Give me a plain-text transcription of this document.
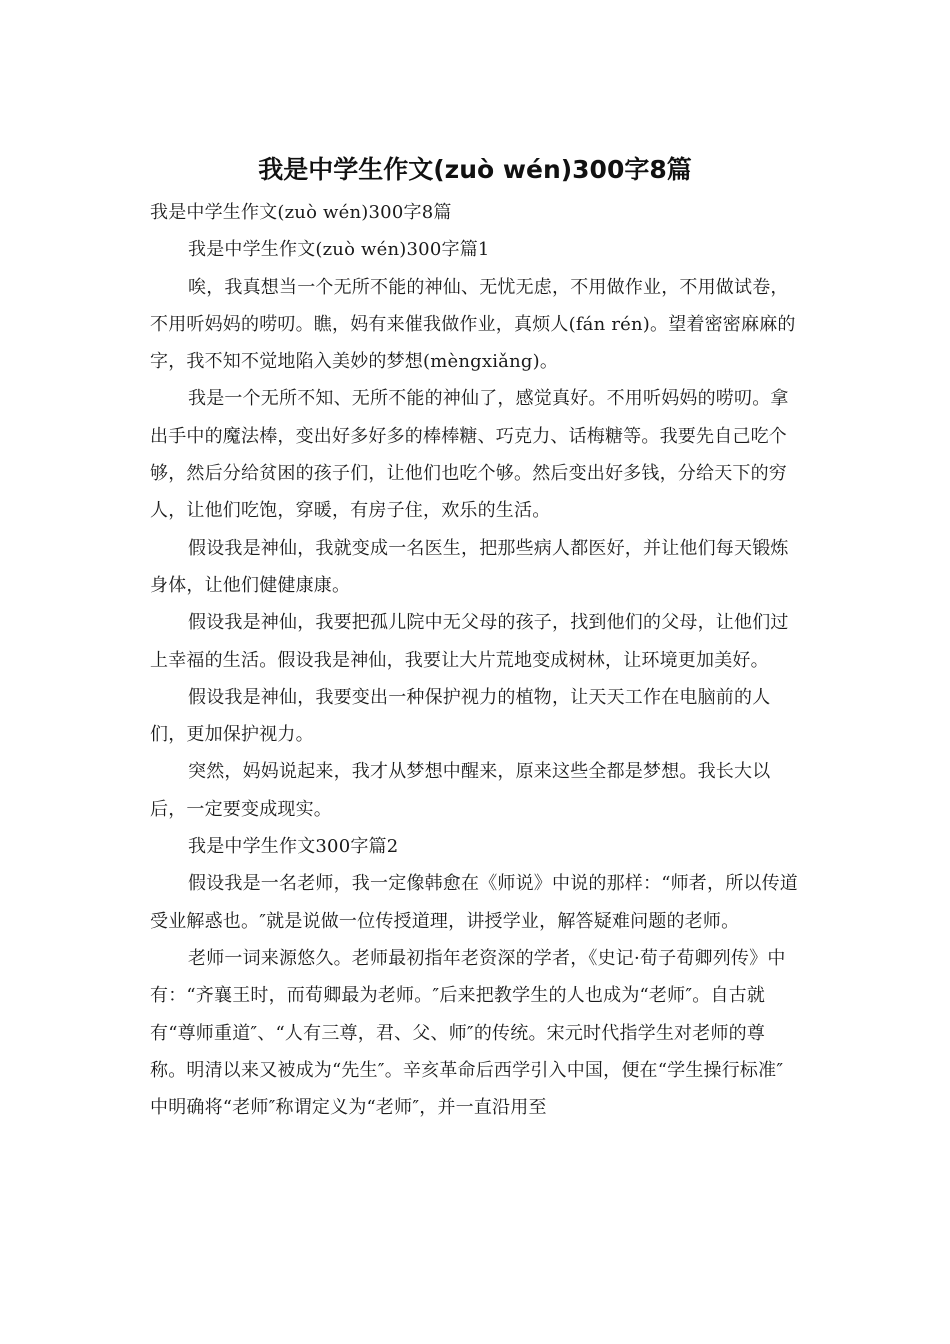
我是中学生作文(zuò wén)300字8篇

我是中学生作文(zuò wén)300字8篇

我是中学生作文(zuò wén)300字篇1

唉，我真想当一个无所不能的神仙、无忧无虑，不用做作业，不用做试卷，不用听妈妈的唠叨。瞧，妈有来催我做作业，真烦人(fán rén)。望着密密麻麻的字，我不知不觉地陷入美妙的梦想(mèngxiǎng)。

我是一个无所不知、无所不能的神仙了，感觉真好。不用听妈妈的唠叨。拿出手中的魔法棒，变出好多好多的棒棒糖、巧克力、话梅糖等。我要先自己吃个够，然后分给贫困的孩子们，让他们也吃个够。然后变出好多钱，分给天下的穷人，让他们吃饱，穿暖，有房子住，欢乐的生活。

假设我是神仙，我就变成一名医生，把那些病人都医好，并让他们每天锻炼身体，让他们健健康康。

假设我是神仙，我要把孤儿院中无父母的孩子，找到他们的父母，让他们过上幸福的生活。假设我是神仙，我要让大片荒地变成树林，让环境更加美好。

假设我是神仙，我要变出一种保护视力的植物，让天天工作在电脑前的人们，更加保护视力。

突然，妈妈说起来，我才从梦想中醒来，原来这些全都是梦想。我长大以后，一定要变成现实。

我是中学生作文300字篇2

假设我是一名老师，我一定像韩愈在《师说》中说的那样：“师者，所以传道受业解惑也。″就是说做一位传授道理，讲授学业，解答疑难问题的老师。

老师一词来源悠久。老师最初指年老资深的学者，《史记·荀子荀卿列传》中有：“齐襄王时，而荀卿最为老师。″后来把教学生的人也成为“老师″。自古就有“尊师重道″、“人有三尊，君、父、师″的传统。宋元时代指学生对老师的尊称。明清以来又被成为“先生″。辛亥革命后西学引入中国，便在“学生操行标准″中明确将“老师″称谓定义为“老师″，并一直沿用至
